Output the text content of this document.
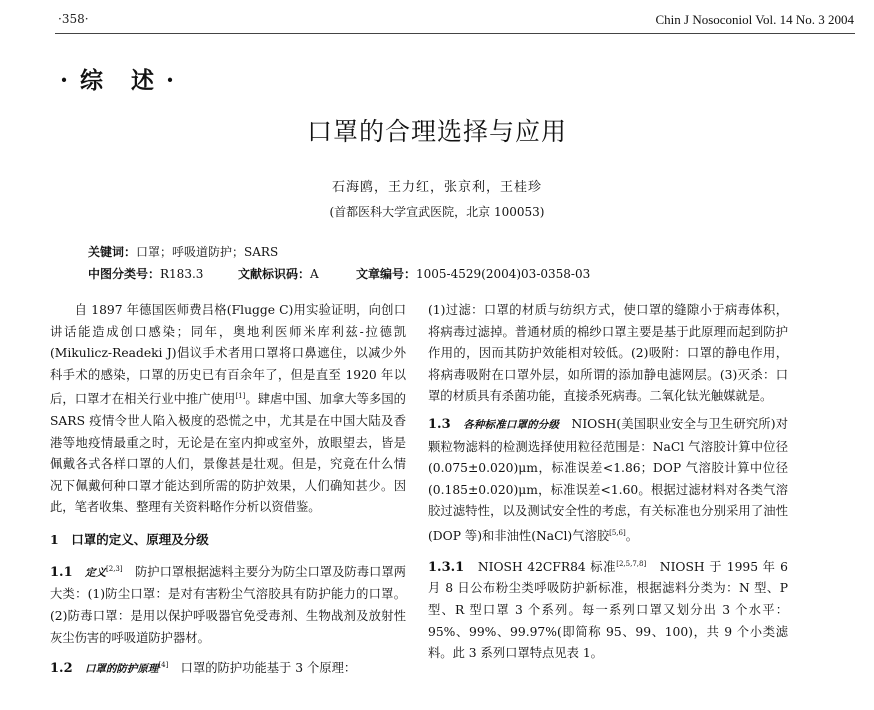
·358·	Chin J Nosoconiol Vol. 14 No. 3 2004
· 综 述 ·
口罩的合理选择与应用
石海鸥，王力红，张京利，王桂珍
(首都医科大学宣武医院，北京 100053)
关键词：口罩；呼吸道防护；SARS
中图分类号：R183.3	文献标识码：A	文章编号：1005-4529(2004)03-0358-03

自 1897 年德国医师费吕格(Flugge C)用实验证明，向创口讲话能造成创口感染；同年，奥地利医师米库利兹-拉德凯(Mikulicz-Readeki J)倡议手术者用口罩将口鼻遮住，以减少外科手术的感染，口罩的历史已有百余年了，但是直至 1920 年以后，口罩才在相关行业中推广使用[1]。肆虐中国、加拿大等多国的 SARS 疫情令世人陷入极度的恐慌之中，尤其是在中国大陆及香港等地疫情最重之时，无论是在室内抑或室外，放眼望去，皆是佩戴各式各样口罩的人们，景像甚是壮观。但是，究竟在什么情况下佩戴何种口罩才能达到所需的防护效果，人们确知甚少。因此，笔者收集、整理有关资料略作分析以资借鉴。

1　口罩的定义、原理及分级

1.1　 定义[2,3]　防护口罩根据滤料主要分为防尘口罩及防毒口罩两大类：(1)防尘口罩：是对有害粉尘气溶胶具有防护能力的口罩。(2)防毒口罩：是用以保护呼吸器官免受毒剂、生物战剂及放射性灰尘伤害的呼吸道防护器材。

1.2　 口罩的防护原理[4]　口罩的防护功能基于 3 个原理：

(1)过滤：口罩的材质与纺织方式，使口罩的缝隙小于病毒体积，将病毒过滤掉。普通材质的棉纱口罩主要是基于此原理而起到防护作用的，因而其防护效能相对较低。(2)吸附：口罩的静电作用，将病毒吸附在口罩外层，如所谓的添加静电滤网层。(3)灭杀：口罩的材质具有杀菌功能，直接杀死病毒。二氧化钛光触媒就是。

1.3　 各种标准口罩的分级　NIOSH(美国职业安全与卫生研究所)对颗粒物滤料的检测选择使用粒径范围是：NaCl 气溶胶计算中位径(0.075±0.020)μm，标准误差<1.86；DOP 气溶胶计算中位径(0.185±0.020)μm，标准误差<1.60。根据过滤材料对各类气溶胶过滤特性，以及测试安全性的考虑，有关标准也分别采用了油性(DOP 等)和非油性(NaCl)气溶胶[5,6]。

1.3.1　 NIOSH 42CFR84 标准[2,5,7,8]　NIOSH 于 1995 年 6 月 8 日公布粉尘类呼吸防护新标准，根据滤料分类为：N 型、P 型、R 型口罩 3 个系列。每一系列口罩又划分出 3 个水平：95%、99%、99.97%(即简称 95、99、100)，共 9 个小类滤料。此 3 系列口罩特点见表 1。
